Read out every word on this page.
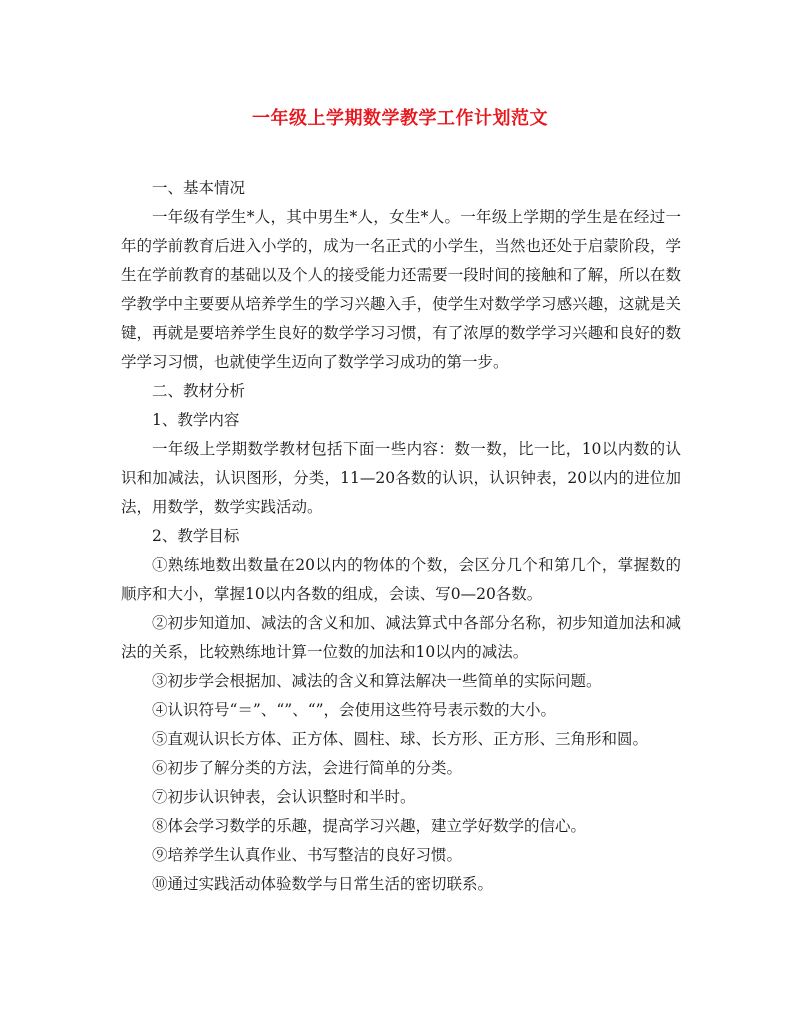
一年级上学期数学教学工作计划范文

一、基本情况

一年级有学生*人，其中男生*人，女生*人。一年级上学期的学生是在经过一年的学前教育后进入小学的，成为一名正式的小学生，当然也还处于启蒙阶段，学生在学前教育的基础以及个人的接受能力还需要一段时间的接触和了解，所以在数学教学中主要要从培养学生的学习兴趣入手，使学生对数学学习感兴趣，这就是关键，再就是要培养学生良好的数学学习习惯，有了浓厚的数学学习兴趣和良好的数学学习习惯，也就使学生迈向了数学学习成功的第一步。

二、教材分析

1、教学内容

一年级上学期数学教材包括下面一些内容：数一数，比一比，10以内数的认识和加减法，认识图形，分类，11—20各数的认识，认识钟表，20以内的进位加法，用数学，数学实践活动。

2、教学目标

①熟练地数出数量在20以内的物体的个数，会区分几个和第几个，掌握数的顺序和大小，掌握10以内各数的组成，会读、写0—20各数。

②初步知道加、减法的含义和加、减法算式中各部分名称，初步知道加法和减法的关系，比较熟练地计算一位数的加法和10以内的减法。

③初步学会根据加、减法的含义和算法解决一些简单的实际问题。

④认识符号“＝”、“”、“”，会使用这些符号表示数的大小。

⑤直观认识长方体、正方体、圆柱、球、长方形、正方形、三角形和圆。

⑥初步了解分类的方法，会进行简单的分类。

⑦初步认识钟表，会认识整时和半时。

⑧体会学习数学的乐趣，提高学习兴趣，建立学好数学的信心。

⑨培养学生认真作业、书写整洁的良好习惯。

⑩通过实践活动体验数学与日常生活的密切联系。
